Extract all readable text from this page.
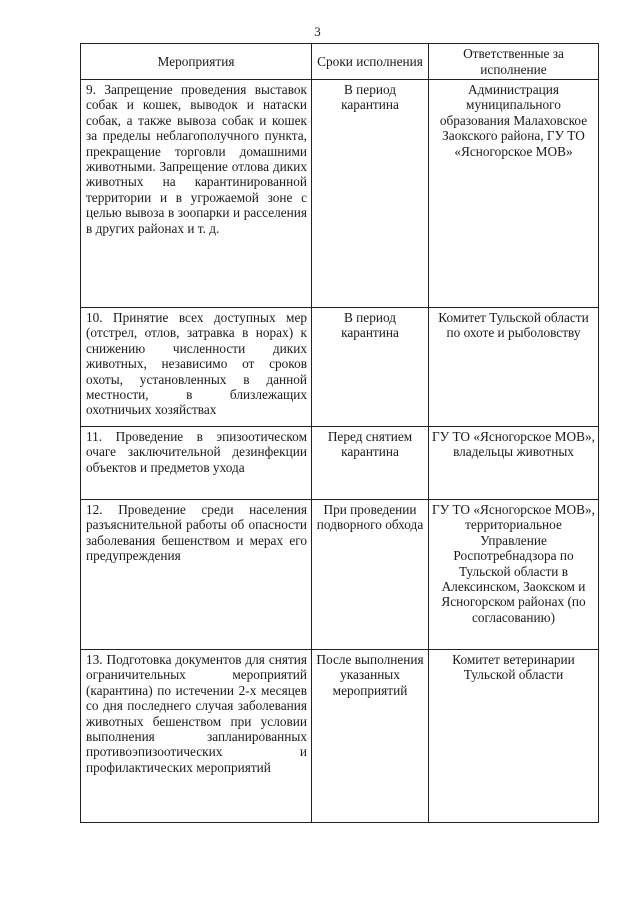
3
Мероприятия	Сроки исполнения	Ответственные за исполнение
9. Запрещение проведения выставок собак и кошек, выводок и натаски собак, а также вывоза собак и кошек за пределы неблагополучного пункта, прекращение торговли домашними животными. Запрещение отлова диких животных на карантинированной территории и в угрожаемой зоне с целью вывоза в зоопарки и расселения в других районах и т. д.	В период карантина	Администрация муниципального образования Малаховское Заокского района, ГУ ТО «Ясногорское МОВ»
10. Принятие всех доступных мер (отстрел, отлов, затравка в норах) к снижению численности диких животных, независимо от сроков охоты, установленных в данной местности, в близлежащих охотничьих хозяйствах	В период карантина	Комитет Тульской области по охоте и рыболовству
11. Проведение в эпизоотическом очаге заключительной дезинфекции объектов и предметов ухода	Перед снятием карантина	ГУ ТО «Ясногорское МОВ», владельцы животных
12. Проведение среди населения разъяснительной работы об опасности заболевания бешенством и мерах его предупреждения	При проведении подворного обхода	ГУ ТО «Ясногорское МОВ», территориальное Управление Роспотребнадзора по Тульской области в Алексинском, Заокском и Ясногорском районах (по согласованию)
13. Подготовка документов для снятия ограничительных мероприятий (карантина) по истечении 2-х месяцев со дня последнего случая заболевания животных бешенством при условии выполнения запланированных противоэпизоотических и профилактических мероприятий	После выполнения указанных мероприятий	Комитет ветеринарии Тульской области
